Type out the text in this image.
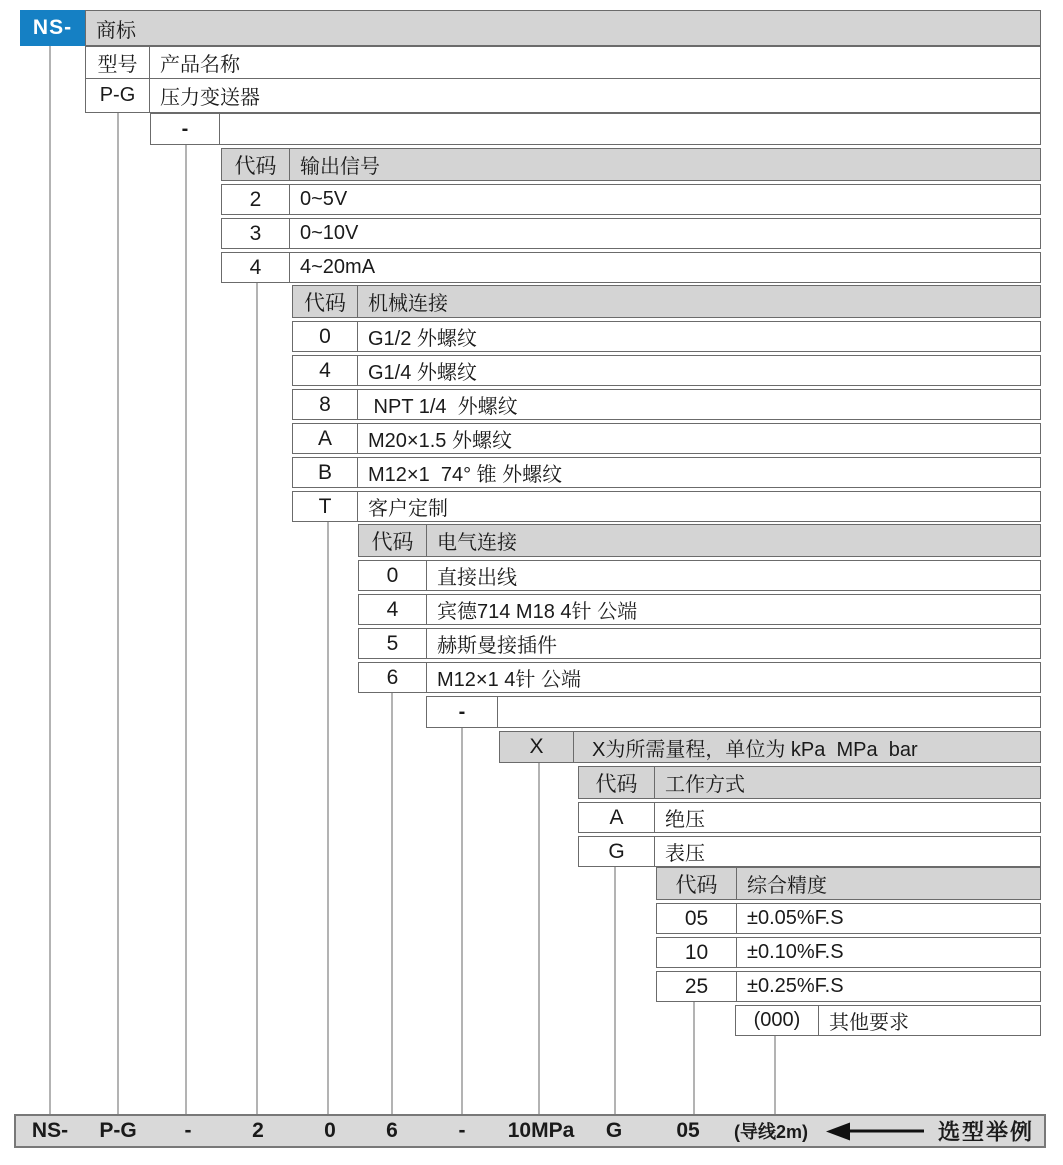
NS-	商标
型号	产品名称
P-G	压力变送器
-
代码	输出信号
2	0~5V
3	0~10V
4	4~20mA
代码	机械连接
0	G1/2 外螺纹
4	G1/4 外螺纹
8	NPT 1/4  外螺纹
A	M20×1.5 外螺纹
B	M12×1  74° 锥 外螺纹
T	客户定制
代码	电气连接
0	直接出线
4	宾德714 M18 4针 公端
5	赫斯曼接插件
6	M12×1 4针 公端
-
X	X为所需量程，单位为 kPa  MPa  bar
代码	工作方式
A	绝压
G	表压
代码	综合精度
05	±0.05%F.S
10	±0.10%F.S
25	±0.25%F.S
(000)	其他要求
NS- P-G -	2	0 6	- 10MPa G	05 (导线2m)	选型举例
